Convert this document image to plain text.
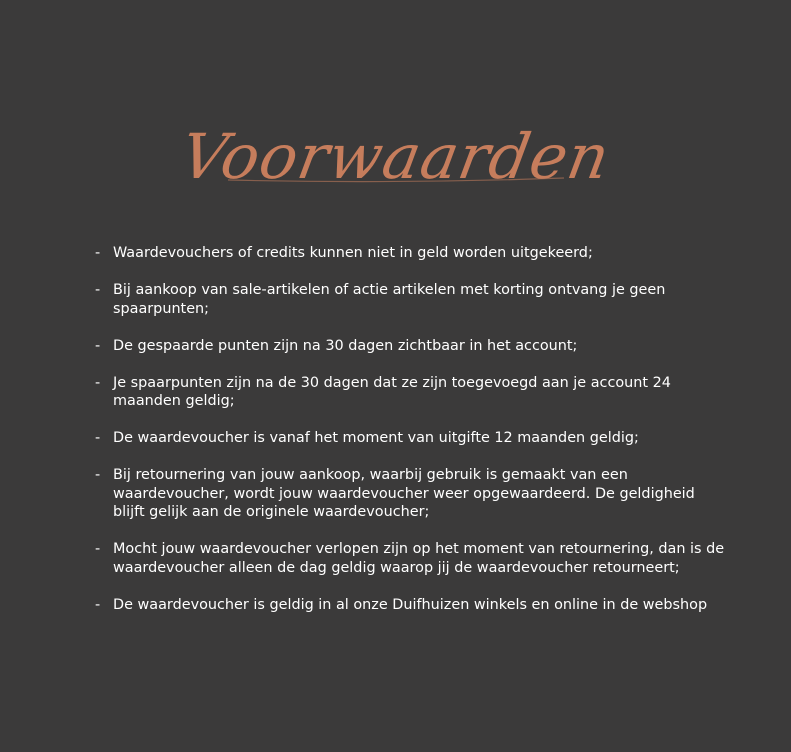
Voorwaarden
- Waardevouchers of credits kunnen niet in geld worden uitgekeerd;
- Bij aankoop van sale-artikelen of actie artikelen met korting ontvang je geen spaarpunten;
- De gespaarde punten zijn na 30 dagen zichtbaar in het account;
- Je spaarpunten zijn na de 30 dagen dat ze zijn toegevoegd aan je account 24 maanden geldig;
- De waardevoucher is vanaf het moment van uitgifte 12 maanden geldig;
- Bij retournering van jouw aankoop, waarbij gebruik is gemaakt van een waardevoucher, wordt jouw waardevoucher weer opgewaardeerd. De geldigheid blijft gelijk aan de originele waardevoucher;
- Mocht jouw waardevoucher verlopen zijn op het moment van retournering, dan is de waardevoucher alleen de dag geldig waarop jij de waardevoucher retourneert;
- De waardevoucher is geldig in al onze Duifhuizen winkels en online in de webshop
